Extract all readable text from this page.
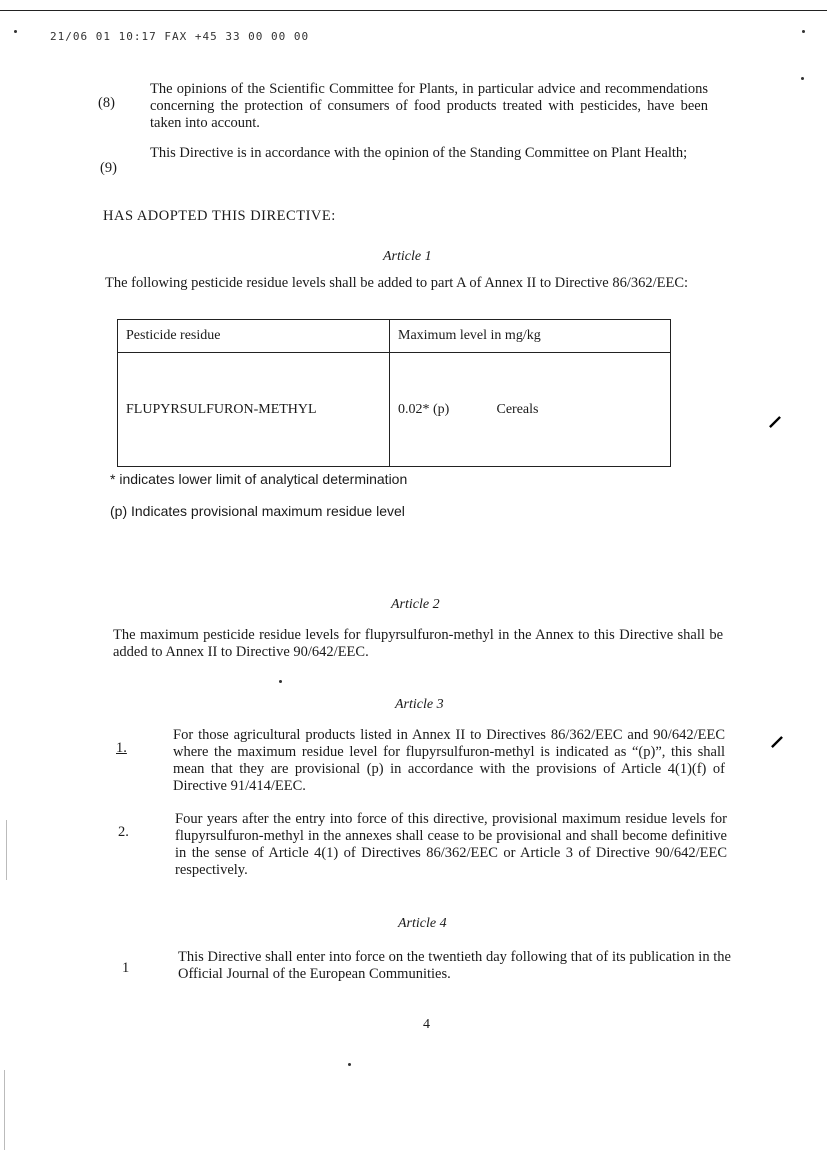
21/06 01 10:17 FAX +45 33 00 00 00
(8)
The opinions of the Scientific Committee for Plants, in particular advice and recommendations concerning the protection of consumers of food products treated with pesticides, have been taken into account.
(9)
This Directive is in accordance with the opinion of the Standing Committee on Plant Health;
HAS ADOPTED THIS DIRECTIVE:
Article 1
The following pesticide residue levels shall be added to part A of Annex II to Directive 86/362/EEC:
Pesticide residue	Maximum level in mg/kg
FLUPYRSULFURON-METHYL	0.02* (p) Cereals
* indicates lower limit of analytical determination
(p) Indicates provisional maximum residue level
Article 2
The maximum pesticide residue levels for flupyrsulfuron-methyl in the Annex to this Directive shall be added to Annex II to Directive 90/642/EEC.
Article 3
1.
For those agricultural products listed in Annex II to Directives 86/362/EEC and 90/642/EEC where the maximum residue level for flupyrsulfuron-methyl is indicated as “(p)”, this shall mean that they are provisional (p) in accordance with the provisions of Article 4(1)(f) of Directive 91/414/EEC.
2.
Four years after the entry into force of this directive, provisional maximum residue levels for flupyrsulfuron-methyl in the annexes shall cease to be provisional and shall become definitive in the sense of Article 4(1) of Directives 86/362/EEC or Article 3 of Directive 90/642/EEC respectively.
Article 4
1
This Directive shall enter into force on the twentieth day following that of its publication in the Official Journal of the European Communities.
4
⸝
⸝
